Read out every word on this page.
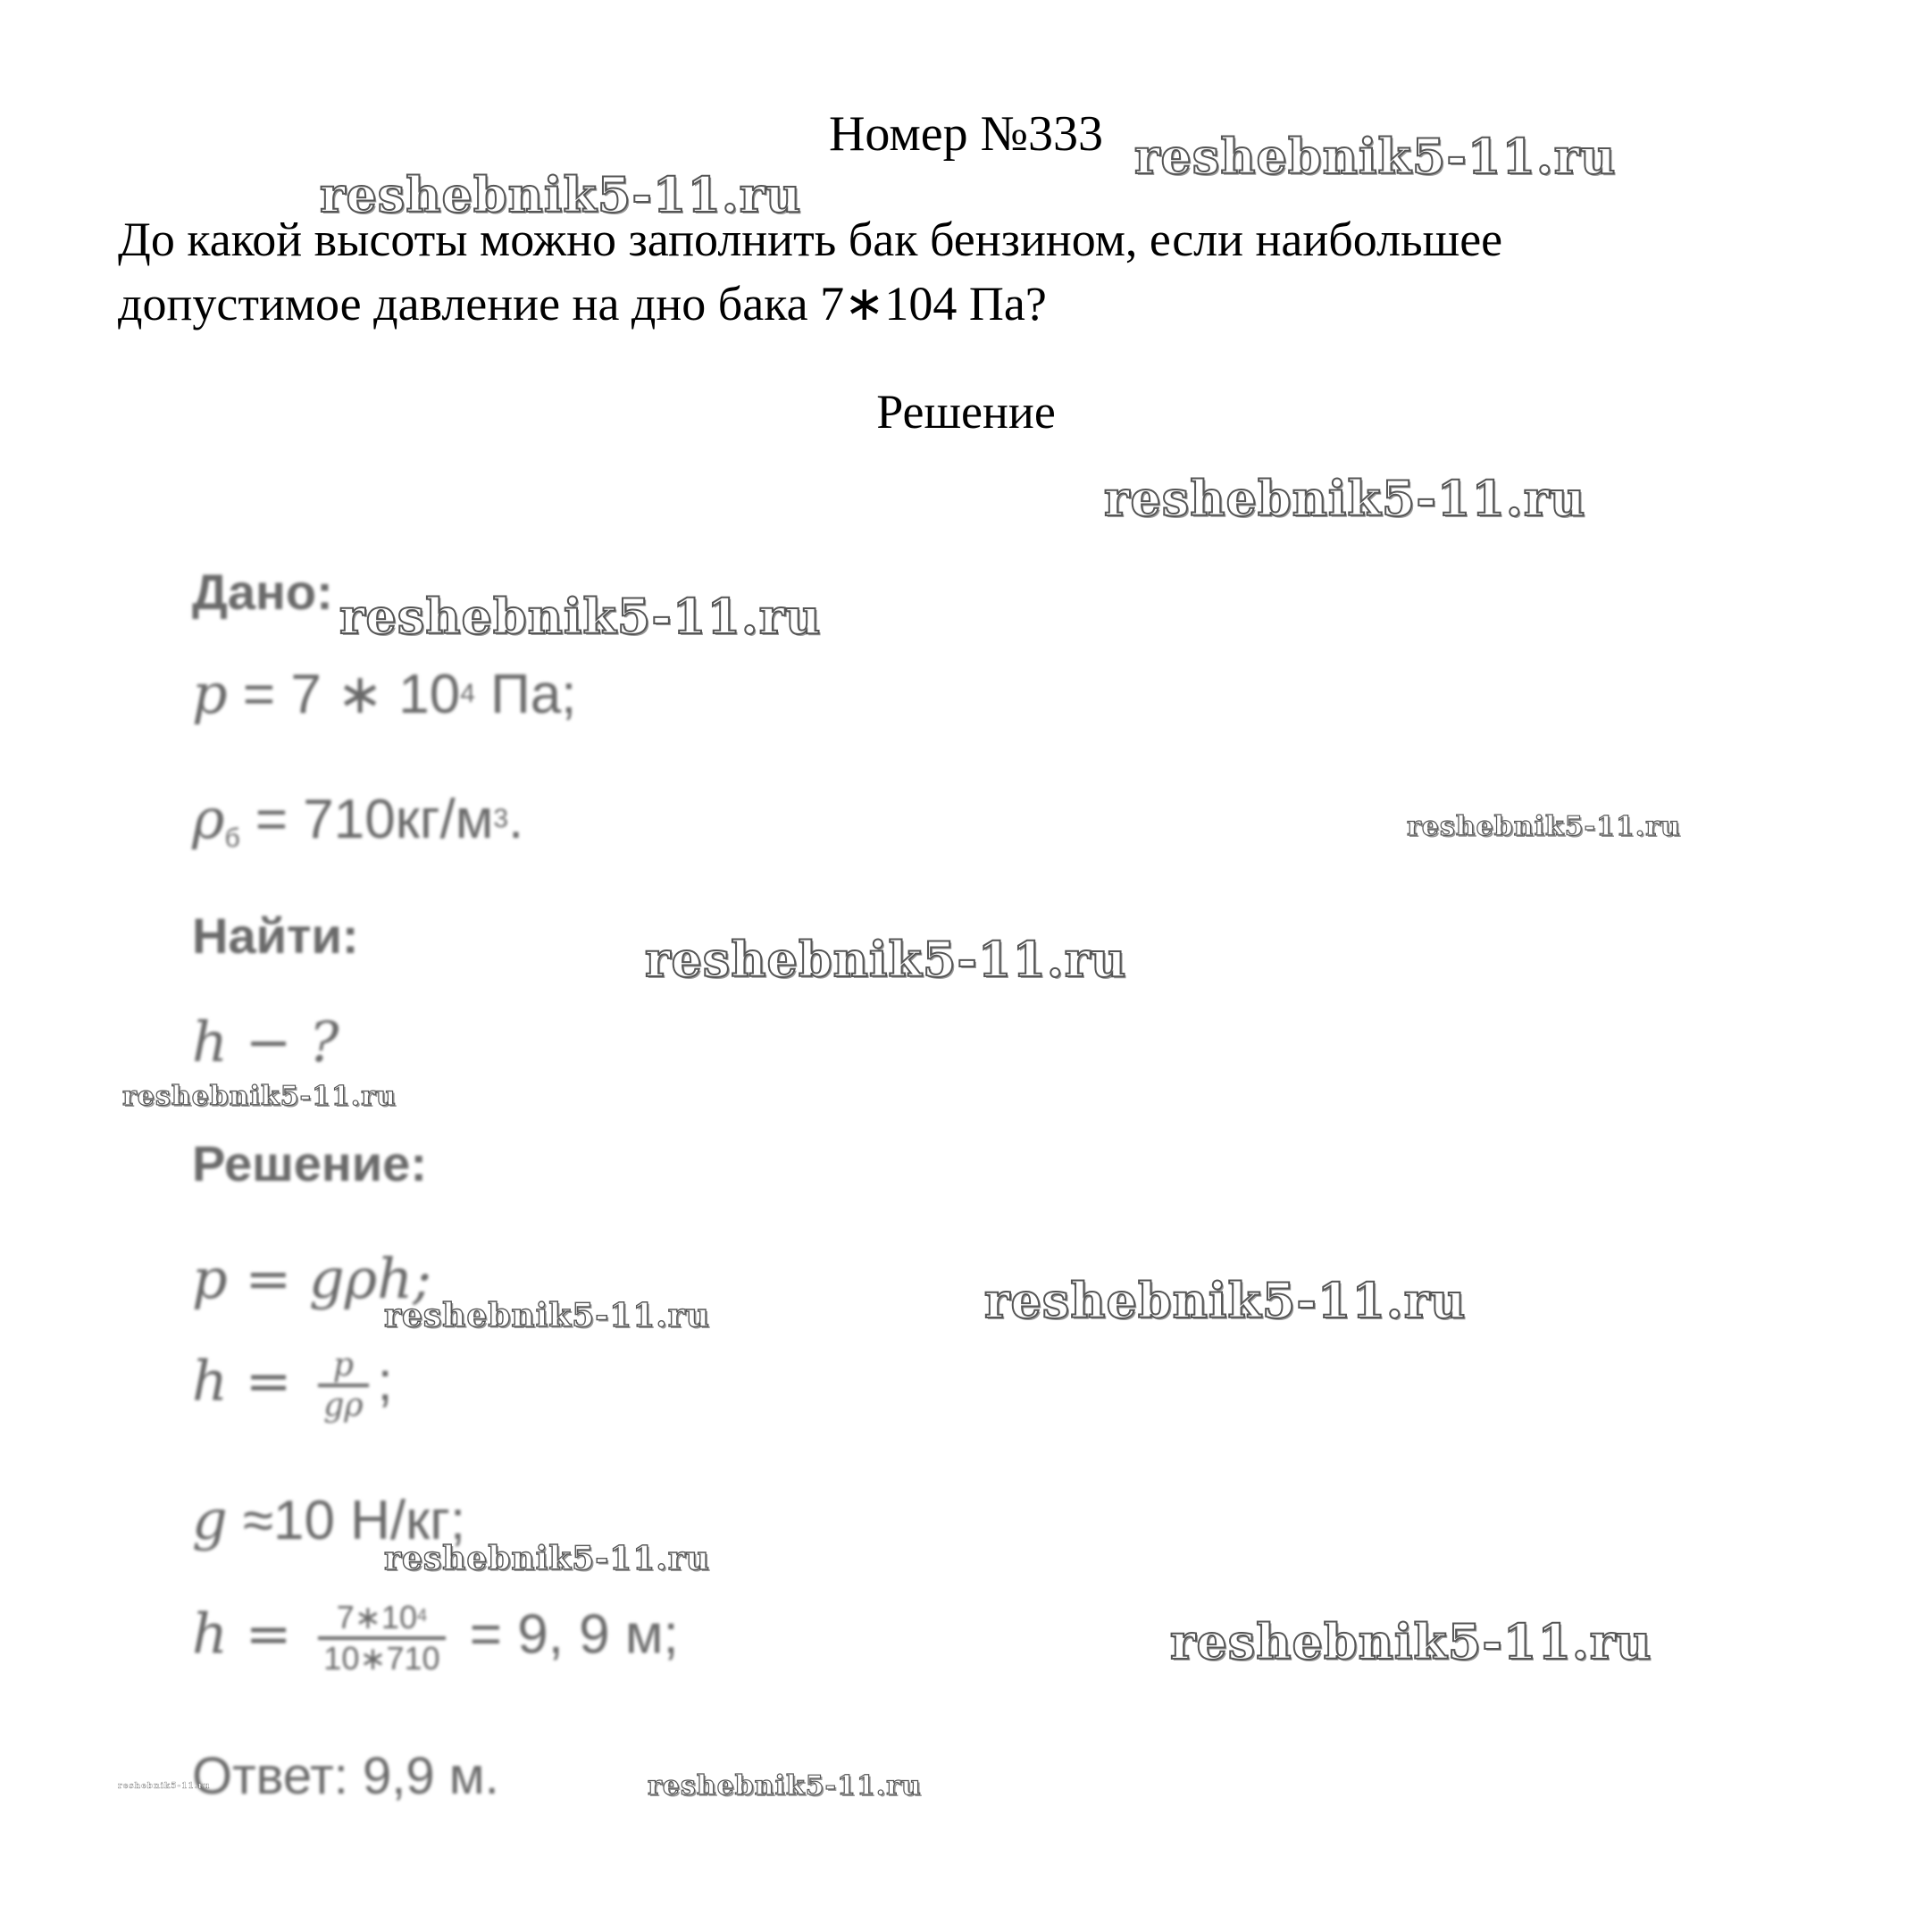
Номер №333
До какой высоты можно заполнить бак бензином, если наибольшее допустимое давление на дно бака 7∗104 Па?
Решение
Дано:
p = 7 ∗ $10^4$ Па;
$\rho_б = 710кг/м^3$.
Найти:
h − ?
Решение:
p = gρh;
$h = \frac{p}{g\rho}$ ;
g ≈10 Н/кг;
$h = \frac{7∗10^4}{10∗710} = 9$, 9 м;
Ответ: 9,9 м.
reshebnik5-11.ru
reshebnik5-11.ru
reshebnik5-11.ru
reshebnik5-11.ru
reshebnik5-11.ru
reshebnik5-11.ru
reshebnik5-11.ru
reshebnik5-11.ru
reshebnik5-11.ru
reshebnik5-11.ru
reshebnik5-11.ru
reshebnik5-11.ru	reshebnik5-11.ru
